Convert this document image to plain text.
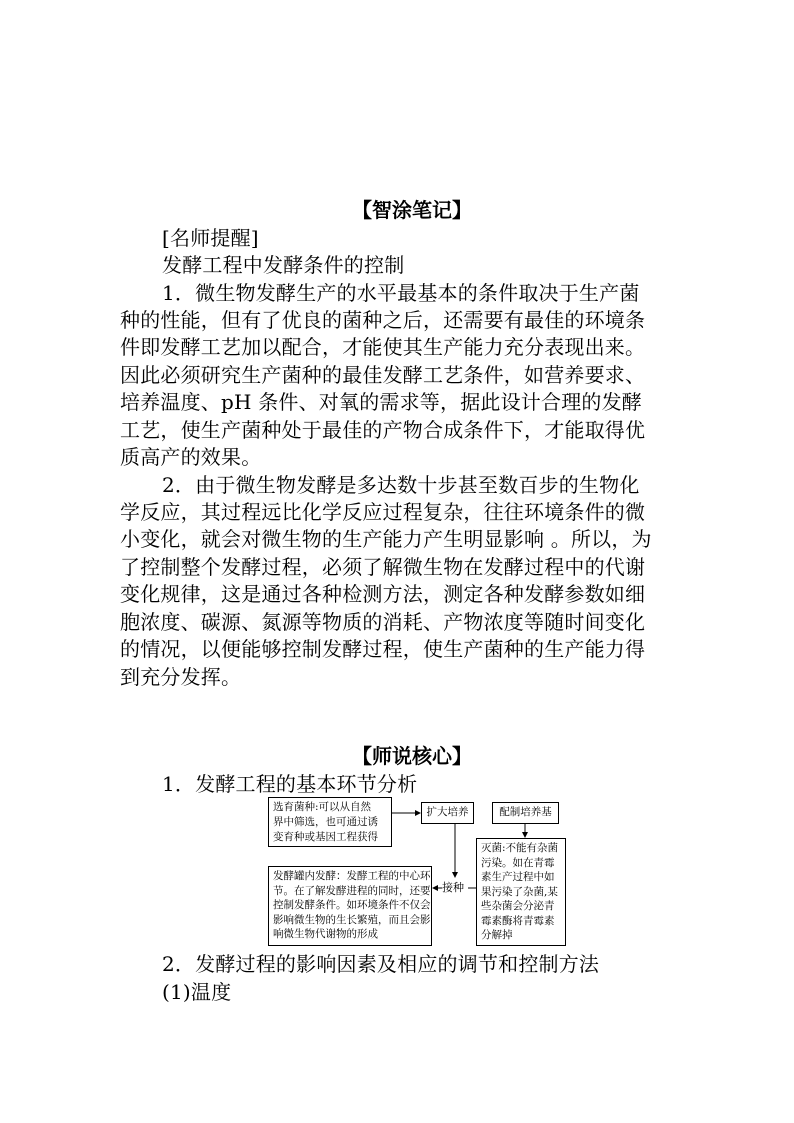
【智涂笔记】
[名师提醒]
发酵工程中发酵条件的控制
1．微生物发酵生产的水平最基本的条件取决于生产菌
种的性能，但有了优良的菌种之后，还需要有最佳的环境条
件即发酵工艺加以配合，才能使其生产能力充分表现出来。
因此必须研究生产菌种的最佳发酵工艺条件，如营养要求、
培养温度、pH 条件、对氧的需求等，据此设计合理的发酵
工艺，使生产菌种处于最佳的产物合成条件下，才能取得优
质高产的效果。
2．由于微生物发酵是多达数十步甚至数百步的生物化
学反应，其过程远比化学反应过程复杂，往往环境条件的微
小变化，就会对微生物的生产能力产生明显影响 。所以，为
了控制整个发酵过程，必须了解微生物在发酵过程中的代谢
变化规律，这是通过各种检测方法，测定各种发酵参数如细
胞浓度、碳源、氮源等物质的消耗、产物浓度等随时间变化
的情况，以便能够控制发酵过程，使生产菌种的生产能力得
到充分发挥。
【师说核心】
1．发酵工程的基本环节分析
选育菌种:可以从自然
界中筛选，也可通过诱
变育种或基因工程获得
扩大培养	配制培养基
灭菌:不能有杂菌
污染。如在青霉
素生产过程中如
果污染了杂菌,某
些杂菌会分泌青
霉素酶将青霉素
分解掉
接种
发酵罐内发酵：发酵工程的中心环
节。在了解发酵进程的同时，还要
控制发酵条件。如环境条件不仅会
影响微生物的生长繁殖，而且会影
响微生物代谢物的形成
2．发酵过程的影响因素及相应的调节和控制方法
(1)温度
